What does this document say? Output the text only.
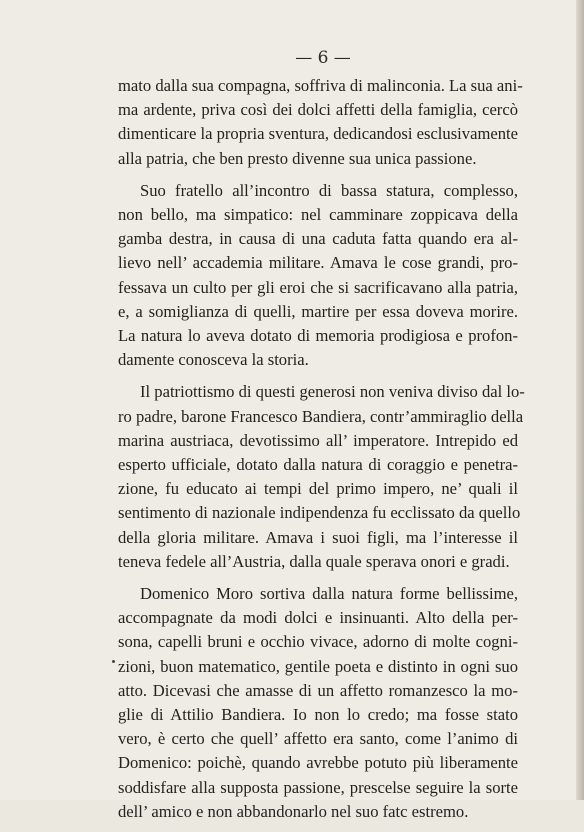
— 6 —
mato dalla sua compagna, soffriva di malinconia. La sua ani-
ma ardente, priva così dei dolci affetti della famiglia, cercò
dimenticare la propria sventura, dedicandosi esclusivamente
alla patria, che ben presto divenne sua unica passione.
Suo fratello all’incontro di bassa statura, complesso,
non bello, ma simpatico: nel camminare zoppicava della
gamba destra, in causa di una caduta fatta quando era al-
lievo nell’ accademia militare. Amava le cose grandi, pro-
fessava un culto per gli eroi che si sacrificavano alla patria,
e, a somiglianza di quelli, martire per essa doveva morire.
La natura lo aveva dotato di memoria prodigiosa e profon-
damente conosceva la storia.
Il patriottismo di questi generosi non veniva diviso dal lo-
ro padre, barone Francesco Bandiera, contr’ammiraglio della
marina austriaca, devotissimo all’ imperatore. Intrepido ed
esperto ufficiale, dotato dalla natura di coraggio e penetra-
zione, fu educato ai tempi del primo impero, ne’ quali il
sentimento di nazionale indipendenza fu ecclissato da quello
della gloria militare. Amava i suoi figli, ma l’interesse il
teneva fedele all’Austria, dalla quale sperava onori e gradi.
Domenico Moro sortiva dalla natura forme bellissime,
accompagnate da modi dolci e insinuanti. Alto della per-
sona, capelli bruni e occhio vivace, adorno di molte cogni-
zioni, buon matematico, gentile poeta e distinto in ogni suo
atto. Dicevasi che amasse di un affetto romanzesco la mo-
glie di Attilio Bandiera. Io non lo credo; ma fosse stato
vero, è certo che quell’ affetto era santo, come l’animo di
Domenico: poichè, quando avrebbe potuto più liberamente
soddisfare alla supposta passione, prescelse seguire la sorte
dell’ amico e non abbandonarlo nel suo fatc estremo.
